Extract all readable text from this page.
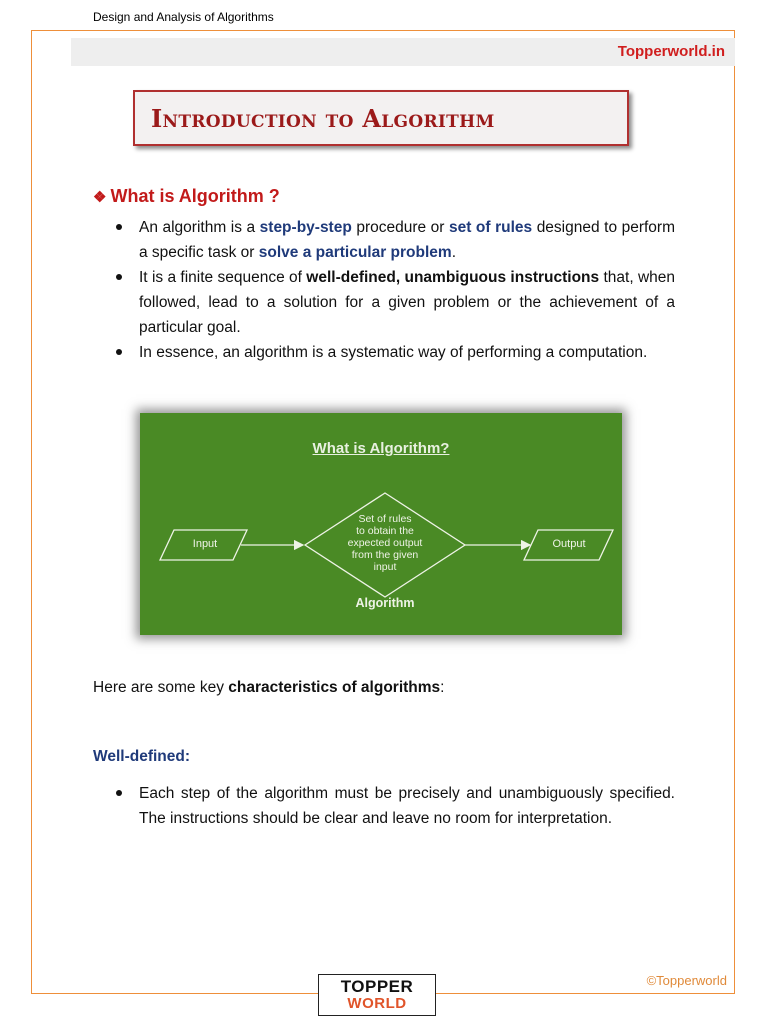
Design and Analysis of Algorithms
Topperworld.in
Introduction to Algorithm
❖ What is Algorithm ?
An algorithm is a step-by-step procedure or set of rules designed to perform a specific task or solve a particular problem.
It is a finite sequence of well-defined, unambiguous instructions that, when followed, lead to a solution for a given problem or the achievement of a particular goal.
In essence, an algorithm is a systematic way of performing a computation.
What is Algorithm?
Input	Output
Set of rules
to obtain the
expected output
from the given
input
Algorithm
Here are some key characteristics of algorithms:
Well-defined:
Each step of the algorithm must be precisely and unambiguously specified. The instructions should be clear and leave no room for interpretation.
TOPPER
WORLD
©Topperworld
